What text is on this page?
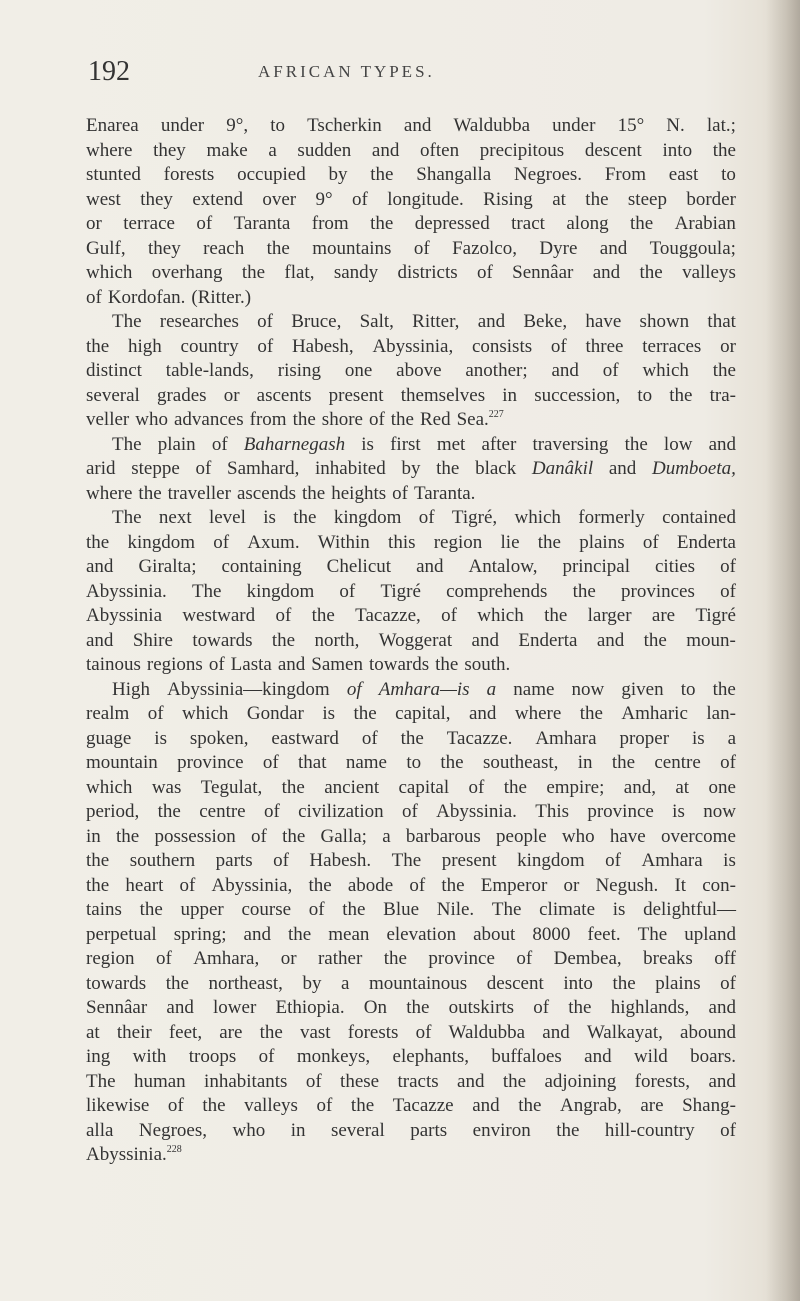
192	AFRICAN TYPES.
Enarea under 9°, to Tscherkin and Waldubba under 15° N. lat.;
where they make a sudden and often precipitous descent into the
stunted forests occupied by the Shangalla Negroes. From east to
west they extend over 9° of longitude. Rising at the steep border
or terrace of Taranta from the depressed tract along the Arabian
Gulf, they reach the mountains of Fazolco, Dyre and Touggoula;
which overhang the flat, sandy districts of Sennâar and the valleys
of Kordofan. (Ritter.)
The researches of Bruce, Salt, Ritter, and Beke, have shown that
the high country of Habesh, Abyssinia, consists of three terraces or
distinct table-lands, rising one above another; and of which the
several grades or ascents present themselves in succession, to the tra-
veller who advances from the shore of the Red Sea.$^{227}$
The plain of Baharnegash is first met after traversing the low and
arid steppe of Samhard, inhabited by the black Danâkil and Dumboeta,
where the traveller ascends the heights of Taranta.
The next level is the kingdom of Tigré, which formerly contained
the kingdom of Axum. Within this region lie the plains of Enderta
and Giralta; containing Chelicut and Antalow, principal cities of
Abyssinia. The kingdom of Tigré comprehends the provinces of
Abyssinia westward of the Tacazze, of which the larger are Tigré
and Shire towards the north, Woggerat and Enderta and the moun-
tainous regions of Lasta and Samen towards the south.
High Abyssinia—kingdom of Amhara—is a name now given to the
realm of which Gondar is the capital, and where the Amharic lan-
guage is spoken, eastward of the Tacazze. Amhara proper is a
mountain province of that name to the southeast, in the centre of
which was Tegulat, the ancient capital of the empire; and, at one
period, the centre of civilization of Abyssinia. This province is now
in the possession of the Galla; a barbarous people who have overcome
the southern parts of Habesh. The present kingdom of Amhara is
the heart of Abyssinia, the abode of the Emperor or Negush. It con-
tains the upper course of the Blue Nile. The climate is delightful—
perpetual spring; and the mean elevation about 8000 feet. The upland
region of Amhara, or rather the province of Dembea, breaks off
towards the northeast, by a mountainous descent into the plains of
Sennâar and lower Ethiopia. On the outskirts of the highlands, and
at their feet, are the vast forests of Waldubba and Walkayat, abound
ing with troops of monkeys, elephants, buffaloes and wild boars.
The human inhabitants of these tracts and the adjoining forests, and
likewise of the valleys of the Tacazze and the Angrab, are Shang-
alla Negroes, who in several parts environ the hill-country of
Abyssinia.$^{228}$
